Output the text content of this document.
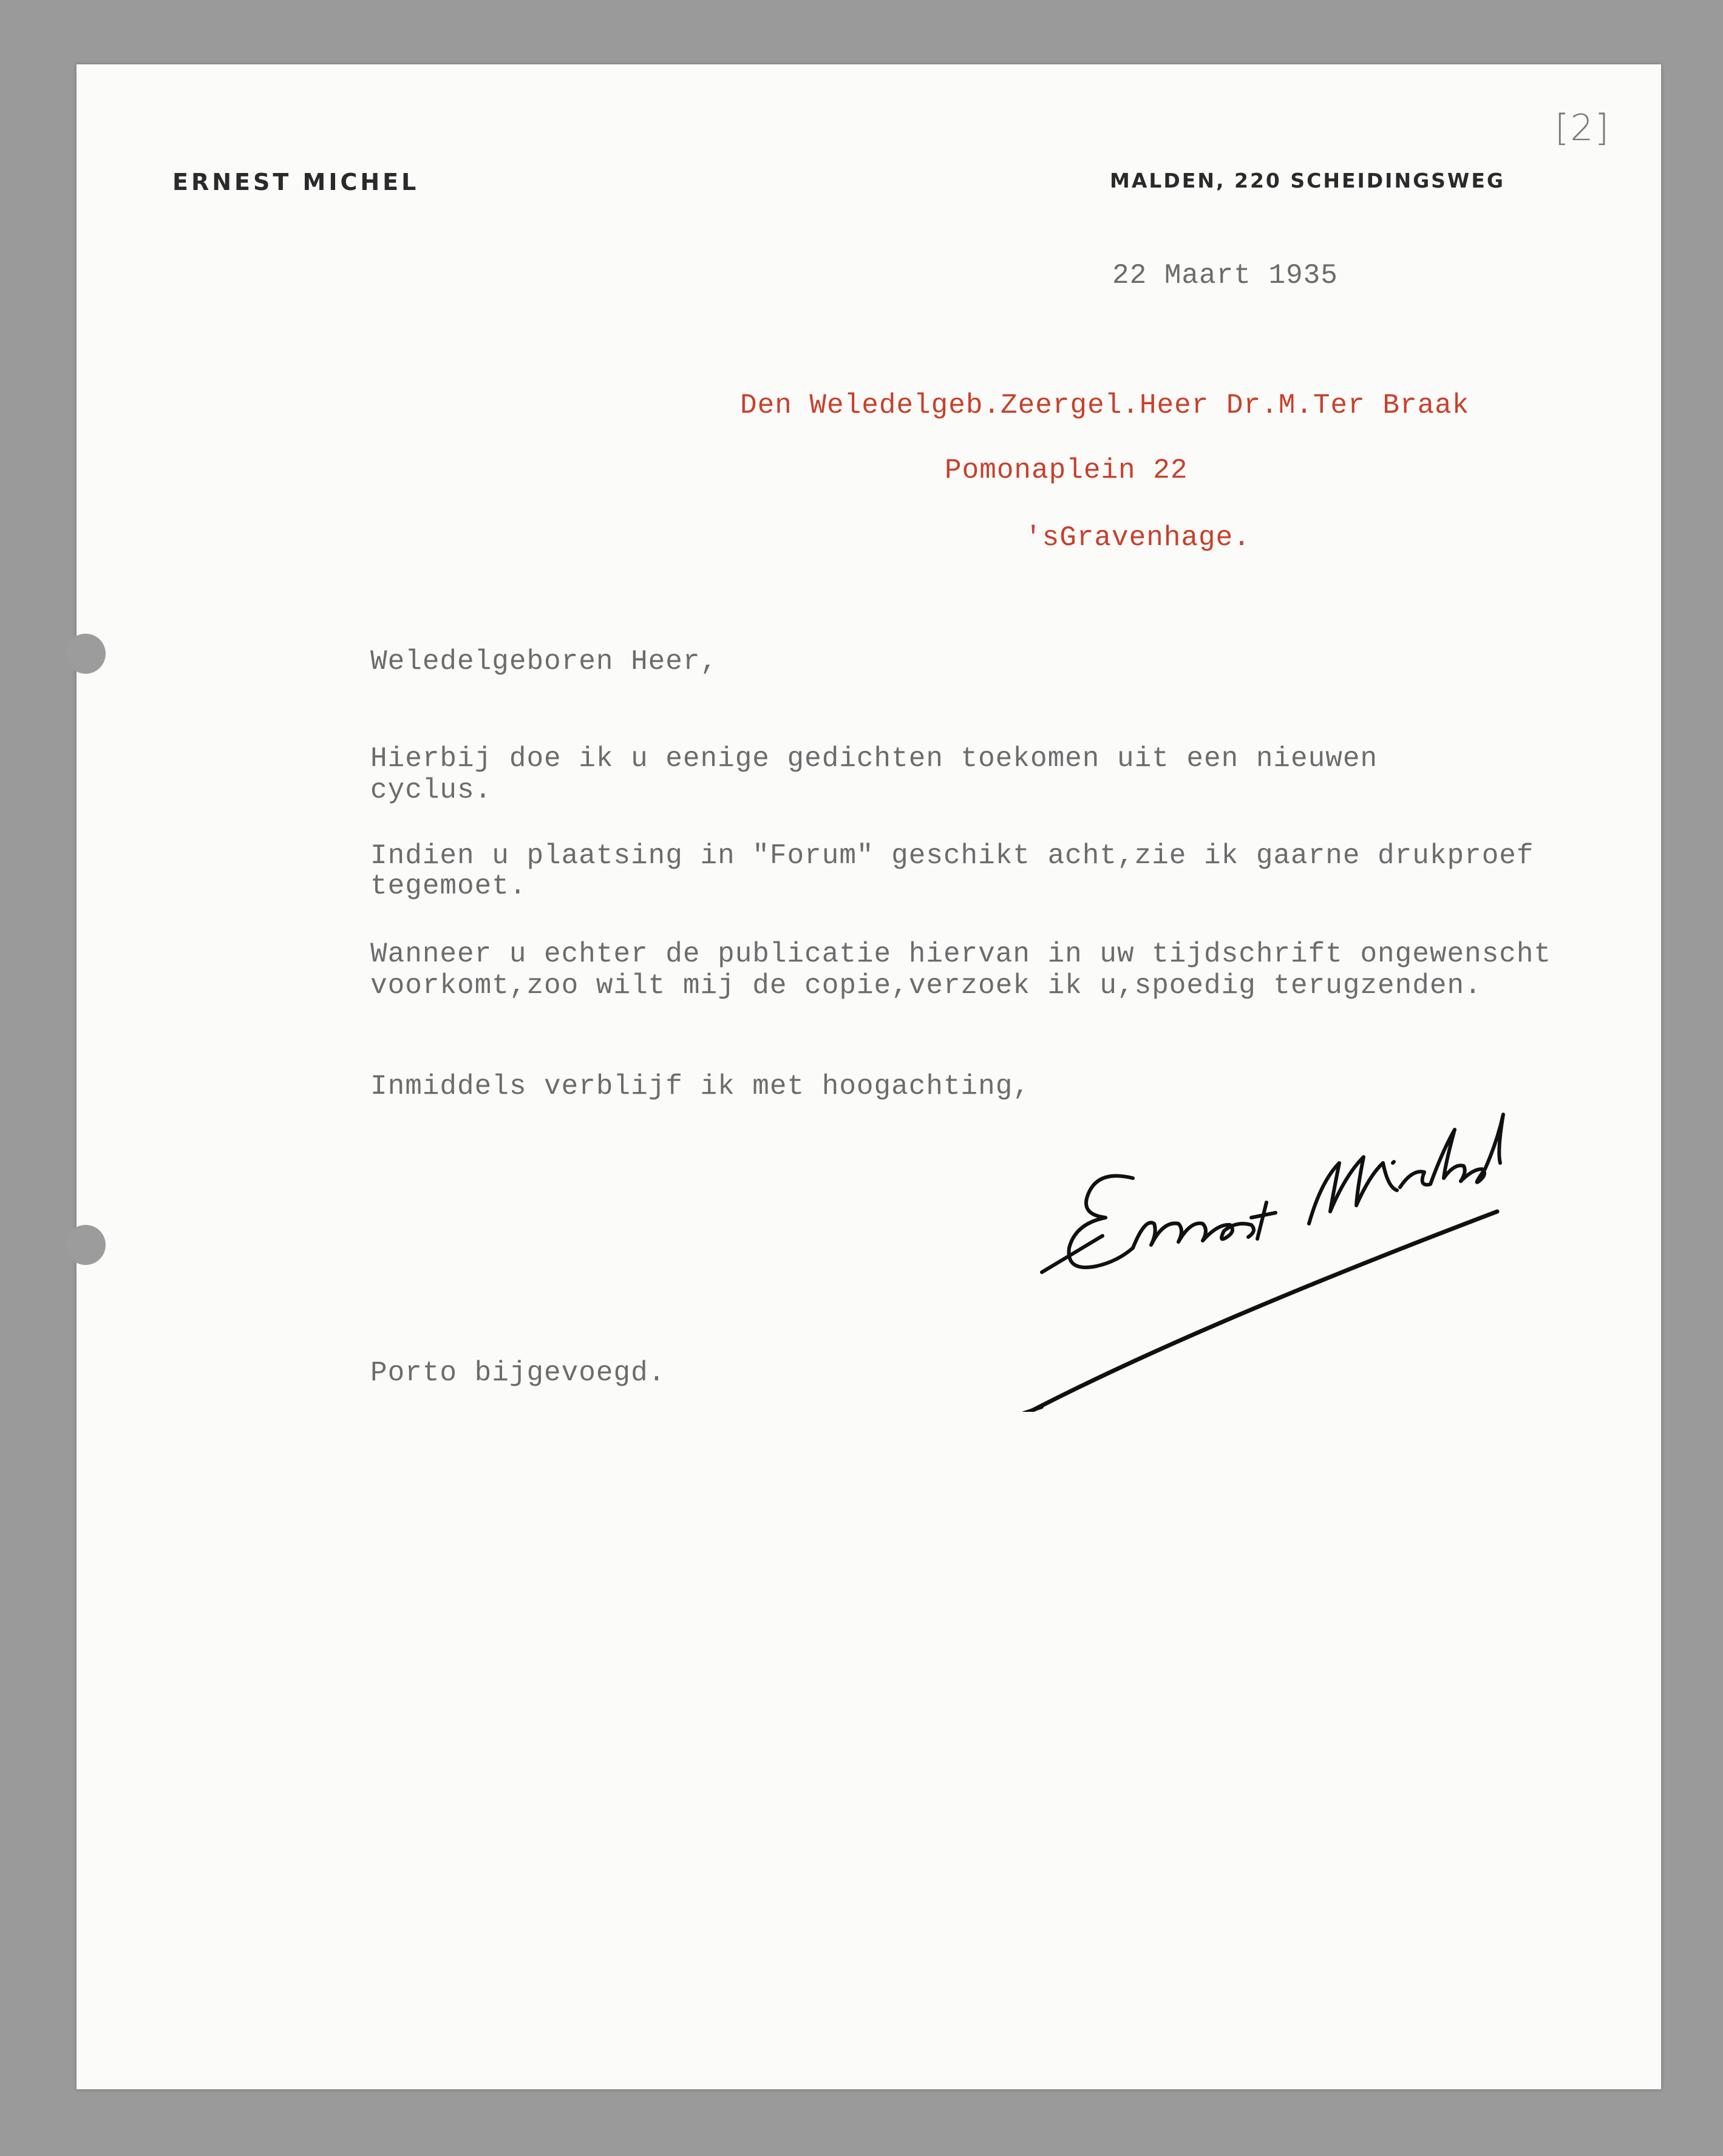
[2]
ERNEST MICHEL	MALDEN, 220 SCHEIDINGSWEG
22 Maart 1935
Den Weledelgeb.Zeergel.Heer Dr.M.Ter Braak
Pomonaplein 22
'sGravenhage.
Weledelgeboren Heer,
Hierbij doe ik u eenige gedichten toekomen uit een nieuwen
cyclus.
Indien u plaatsing in "Forum" geschikt acht,zie ik gaarne drukproef
tegemoet.
Wanneer u echter de publicatie hiervan in uw tijdschrift ongewenscht
voorkomt,zoo wilt mij de copie,verzoek ik u,spoedig terugzenden.
Inmiddels verblijf ik met hoogachting,
Porto bijgevoegd.
